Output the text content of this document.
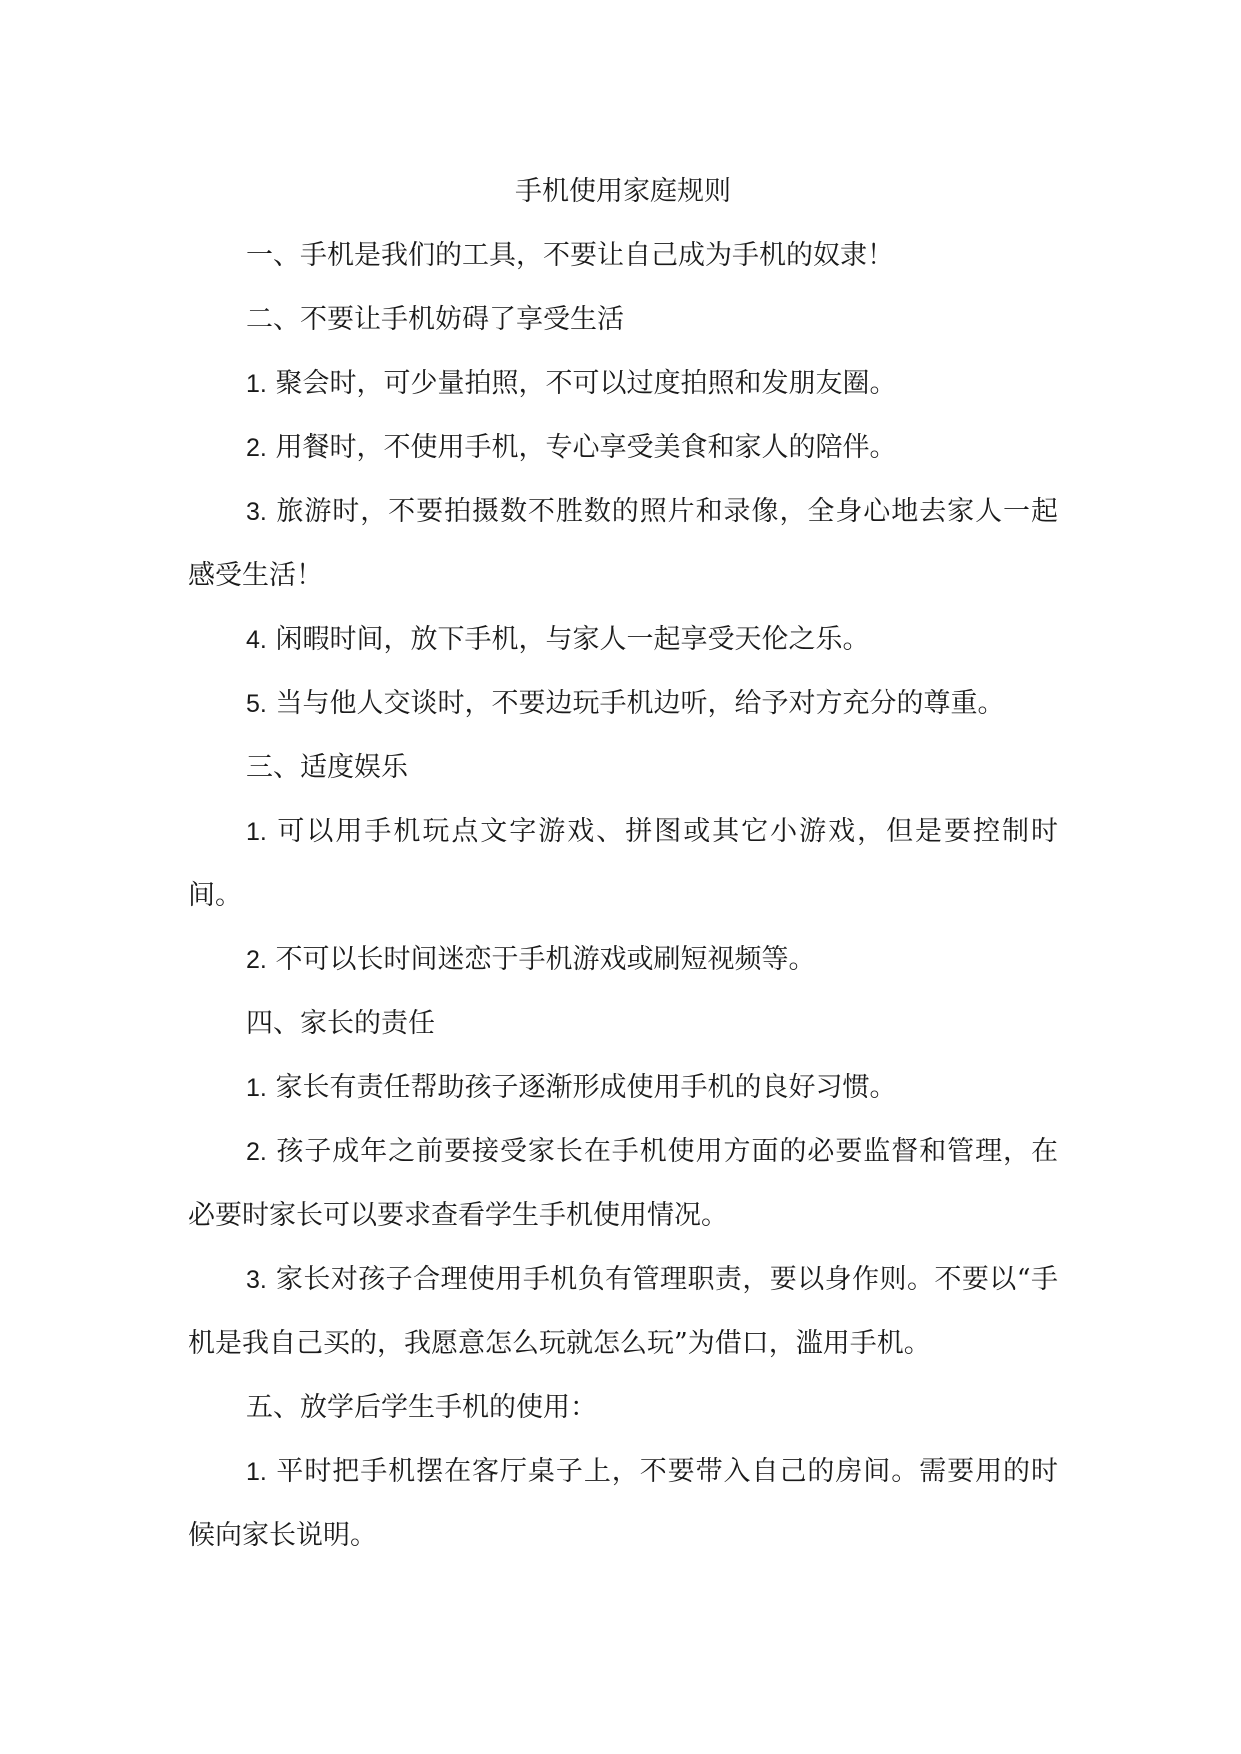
手机使用家庭规则

一、手机是我们的工具，不要让自己成为手机的奴隶！

二、不要让手机妨碍了享受生活

1. 聚会时，可少量拍照，不可以过度拍照和发朋友圈。

2. 用餐时，不使用手机，专心享受美食和家人的陪伴。

3. 旅游时，不要拍摄数不胜数的照片和录像，全身心地去家人一起感受生活！

4. 闲暇时间，放下手机，与家人一起享受天伦之乐。

5. 当与他人交谈时，不要边玩手机边听，给予对方充分的尊重。

三、适度娱乐

1. 可以用手机玩点文字游戏、拼图或其它小游戏，但是要控制时间。

2. 不可以长时间迷恋于手机游戏或刷短视频等。

四、家长的责任

1. 家长有责任帮助孩子逐渐形成使用手机的良好习惯。

2. 孩子成年之前要接受家长在手机使用方面的必要监督和管理，在必要时家长可以要求查看学生手机使用情况。

3. 家长对孩子合理使用手机负有管理职责，要以身作则。不要以“手机是我自己买的，我愿意怎么玩就怎么玩”为借口，滥用手机。

五、放学后学生手机的使用：

1. 平时把手机摆在客厅桌子上，不要带入自己的房间。需要用的时候向家长说明。
